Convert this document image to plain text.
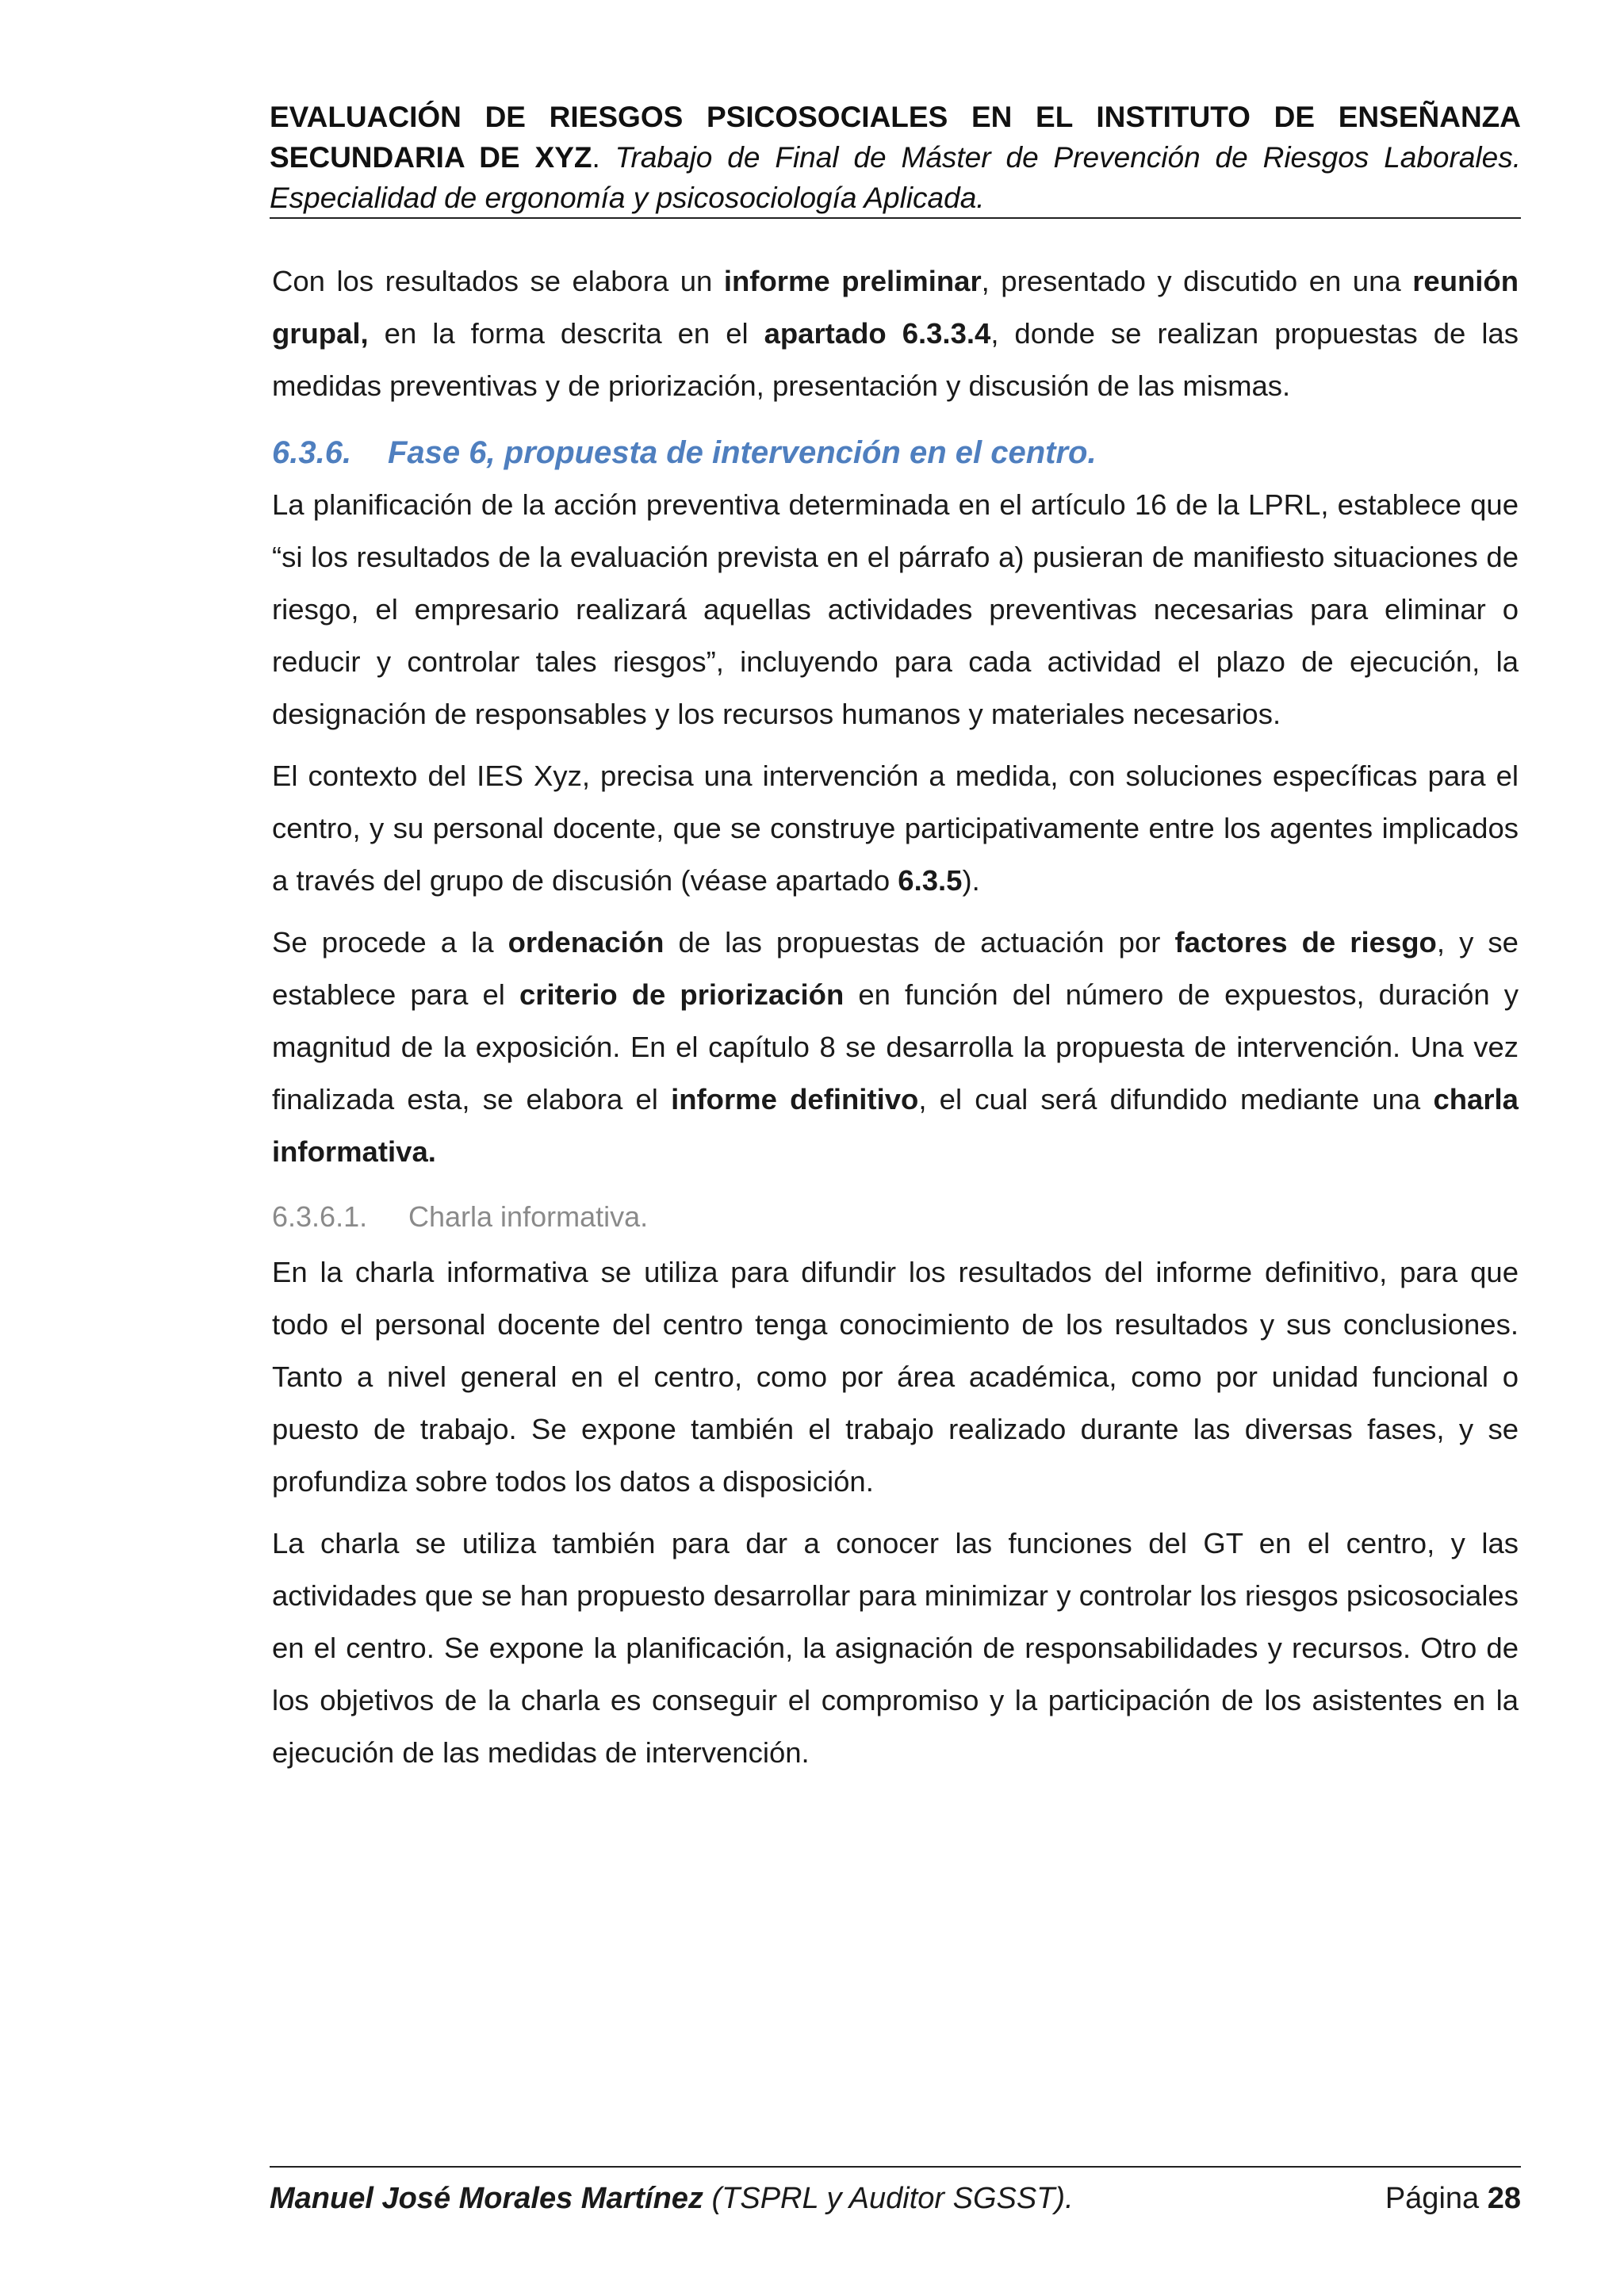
EVALUACIÓN DE RIESGOS PSICOSOCIALES EN EL INSTITUTO DE ENSEÑANZA SECUNDARIA DE XYZ. Trabajo de Final de Máster de Prevención de Riesgos Laborales. Especialidad de ergonomía y psicosociología Aplicada.

Con los resultados se elabora un informe preliminar, presentado y discutido en una reunión grupal, en la forma descrita en el apartado 6.3.3.4, donde se realizan propuestas de las medidas preventivas y de priorización, presentación y discusión de las mismas.

6.3.6. Fase 6, propuesta de intervención en el centro.

La planificación de la acción preventiva determinada en el artículo 16 de la LPRL, establece que “si los resultados de la evaluación prevista en el párrafo a) pusieran de manifiesto situaciones de riesgo, el empresario realizará aquellas actividades preventivas necesarias para eliminar o reducir y controlar tales riesgos”, incluyendo para cada actividad el plazo de ejecución, la designación de responsables y los recursos humanos y materiales necesarios.

El contexto del IES Xyz, precisa una intervención a medida, con soluciones específicas para el centro, y su personal docente, que se construye participativamente entre los agentes implicados a través del grupo de discusión (véase apartado 6.3.5).

Se procede a la ordenación de las propuestas de actuación por factores de riesgo, y se establece para el criterio de priorización en función del número de expuestos, duración y magnitud de la exposición. En el capítulo 8 se desarrolla la propuesta de intervención. Una vez finalizada esta, se elabora el informe definitivo, el cual será difundido mediante una charla informativa.

6.3.6.1. Charla informativa.

En la charla informativa se utiliza para difundir los resultados del informe definitivo, para que todo el personal docente del centro tenga conocimiento de los resultados y sus conclusiones. Tanto a nivel general en el centro, como por área académica, como por unidad funcional o puesto de trabajo. Se expone también el trabajo realizado durante las diversas fases, y se profundiza sobre todos los datos a disposición.

La charla se utiliza también para dar a conocer las funciones del GT en el centro, y las actividades que se han propuesto desarrollar para minimizar y controlar los riesgos psicosociales en el centro. Se expone la planificación, la asignación de responsabilidades y recursos. Otro de los objetivos de la charla es conseguir el compromiso y la participación de los asistentes en la ejecución de las medidas de intervención.

Manuel José Morales Martínez (TSPRL y Auditor SGSST).	Página 28
